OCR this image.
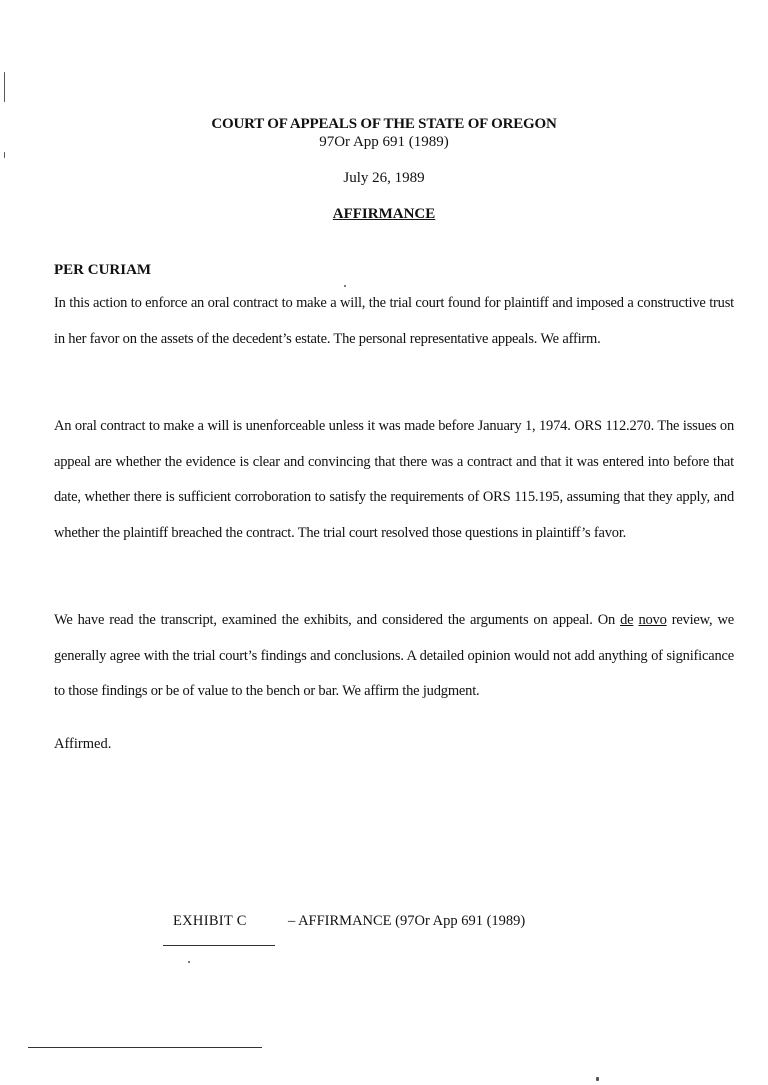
COURT OF APPEALS OF THE STATE OF OREGON
97Or App 691 (1989)
July 26, 1989
AFFIRMANCE
PER CURIAM

In this action to enforce an oral contract to make a will, the trial court found for plaintiff and imposed a constructive trust in her favor on the assets of the decedent’s estate. The personal representative appeals. We affirm.

An oral contract to make a will is unenforceable unless it was made before January 1, 1974. ORS 112.270. The issues on appeal are whether the evidence is clear and convincing that there was a contract and that it was entered into before that date, whether there is sufficient corroboration to satisfy the requirements of ORS 115.195, assuming that they apply, and whether the plaintiff breached the contract. The trial court resolved those questions in plaintiff’s favor.

We have read the transcript, examined the exhibits, and considered the arguments on appeal. On de novo review, we generally agree with the trial court’s findings and conclusions. A detailed opinion would not add anything of significance to those findings or be of value to the bench or bar. We affirm the judgment.

Affirmed.
EXHIBIT C	– AFFIRMANCE (97Or App 691 (1989)
